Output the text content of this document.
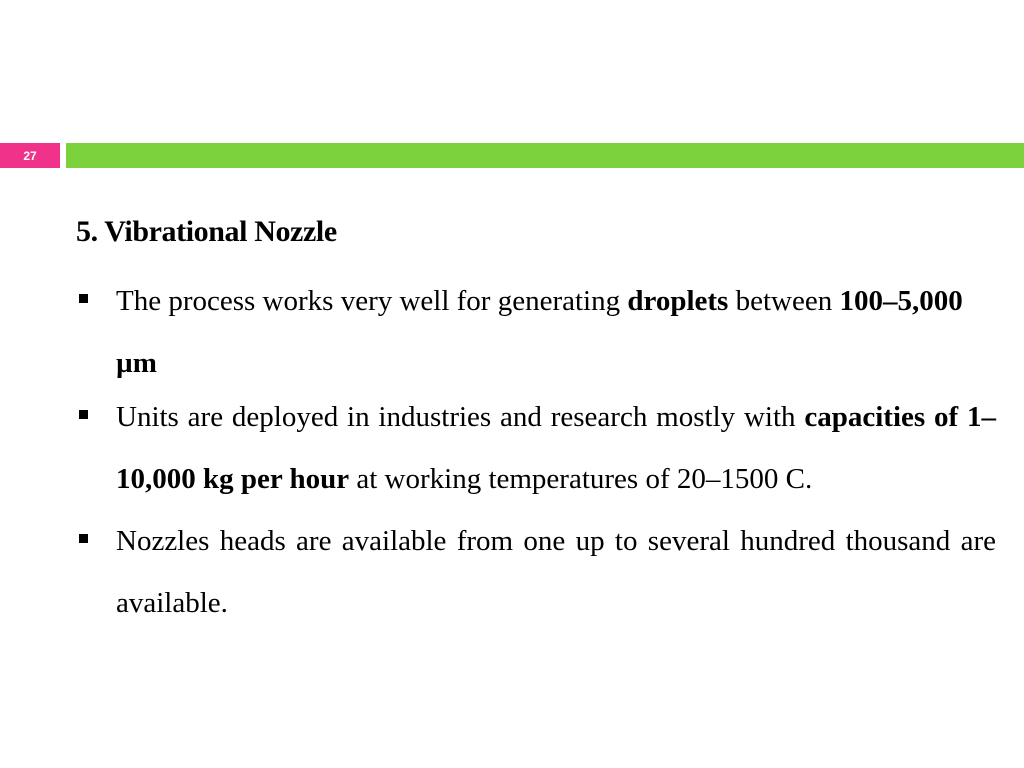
27
5. Vibrational Nozzle
The process works very well for generating droplets between 100–5,000 µm
Units are deployed in industries and research mostly with capacities of 1–10,000 kg per hour at working temperatures of 20–1500 C.
Nozzles heads are available from one up to several hundred thousand are available.
